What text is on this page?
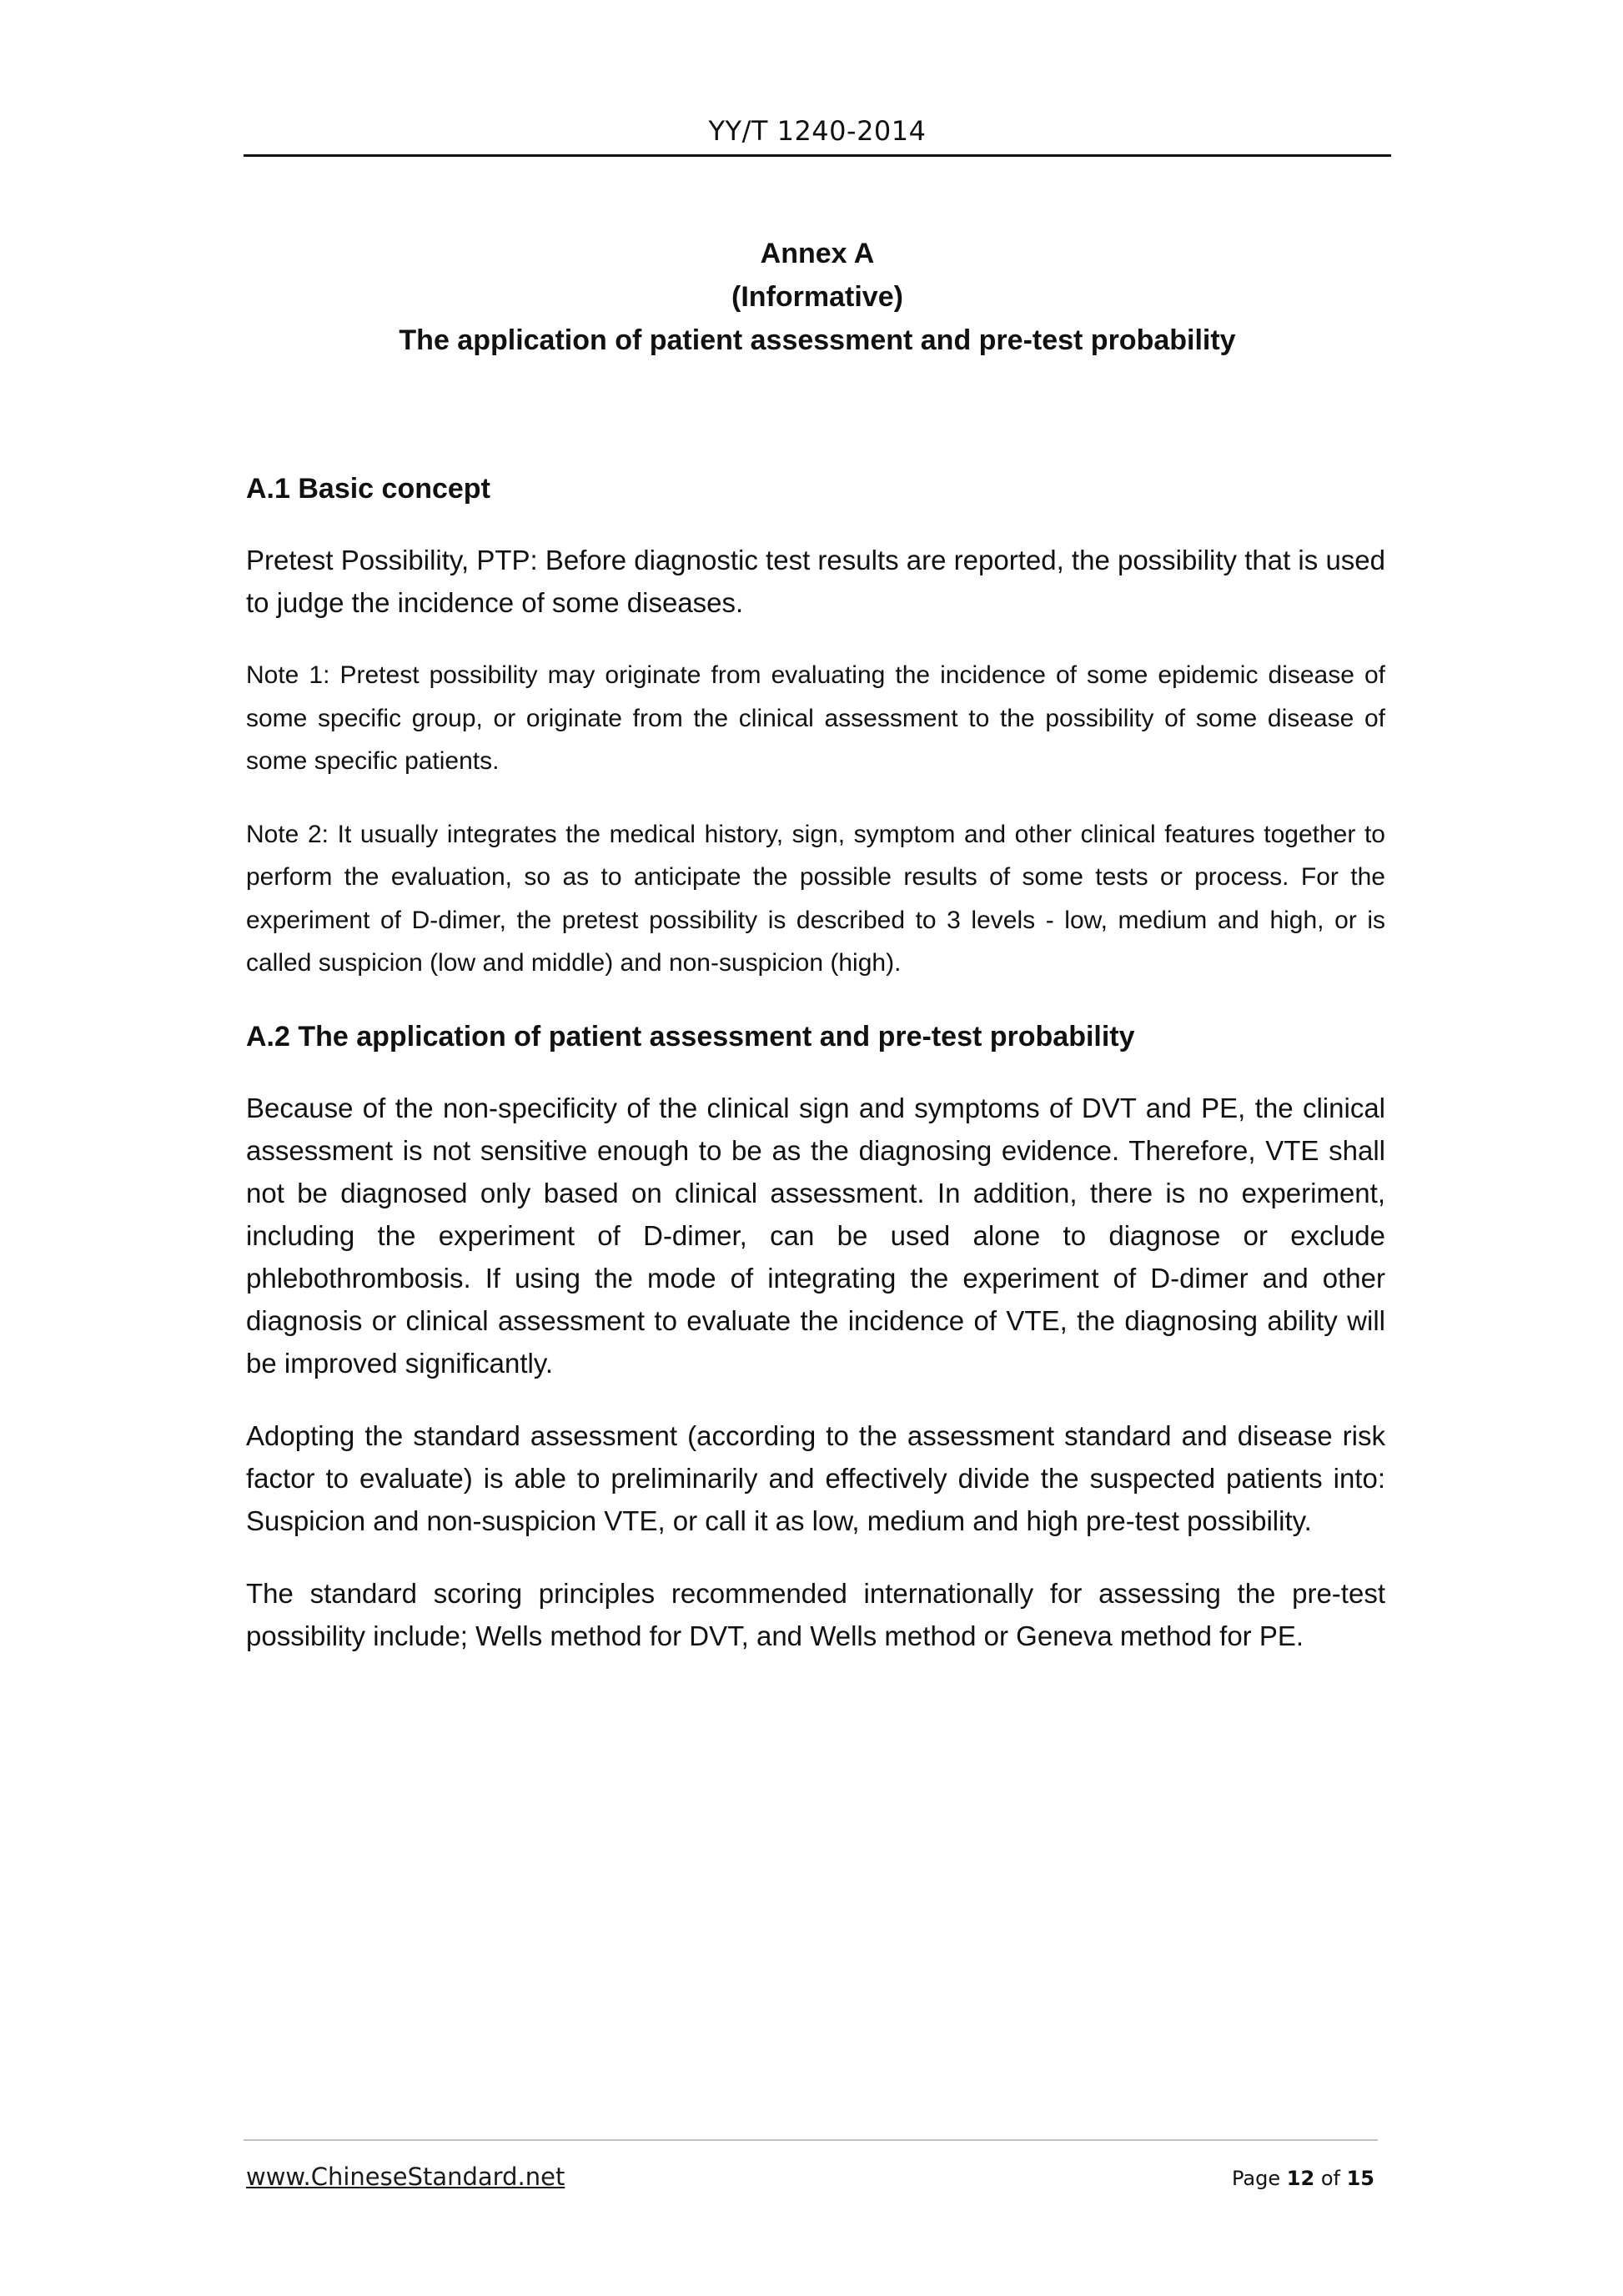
YY/T 1240-2014
Annex A
(Informative)
The application of patient assessment and pre-test probability
A.1 Basic concept

Pretest Possibility, PTP: Before diagnostic test results are reported, the possibility that is used to judge the incidence of some diseases.

Note 1: Pretest possibility may originate from evaluating the incidence of some epidemic disease of some specific group, or originate from the clinical assessment to the possibility of some disease of some specific patients.

Note 2: It usually integrates the medical history, sign, symptom and other clinical features together to perform the evaluation, so as to anticipate the possible results of some tests or process. For the experiment of D-dimer, the pretest possibility is described to 3 levels - low, medium and high, or is called suspicion (low and middle) and non-suspicion (high).

A.2 The application of patient assessment and pre-test probability

Because of the non-specificity of the clinical sign and symptoms of DVT and PE, the clinical assessment is not sensitive enough to be as the diagnosing evidence. Therefore, VTE shall not be diagnosed only based on clinical assessment. In addition, there is no experiment, including the experiment of D-dimer, can be used alone to diagnose or exclude phlebothrombosis. If using the mode of integrating the experiment of D-dimer and other diagnosis or clinical assessment to evaluate the incidence of VTE, the diagnosing ability will be improved significantly.

Adopting the standard assessment (according to the assessment standard and disease risk factor to evaluate) is able to preliminarily and effectively divide the suspected patients into: Suspicion and non-suspicion VTE, or call it as low, medium and high pre-test possibility.

The standard scoring principles recommended internationally for assessing the pre-test possibility include; Wells method for DVT, and Wells method or Geneva method for PE.

www.ChineseStandard.net	Page 12 of 15
